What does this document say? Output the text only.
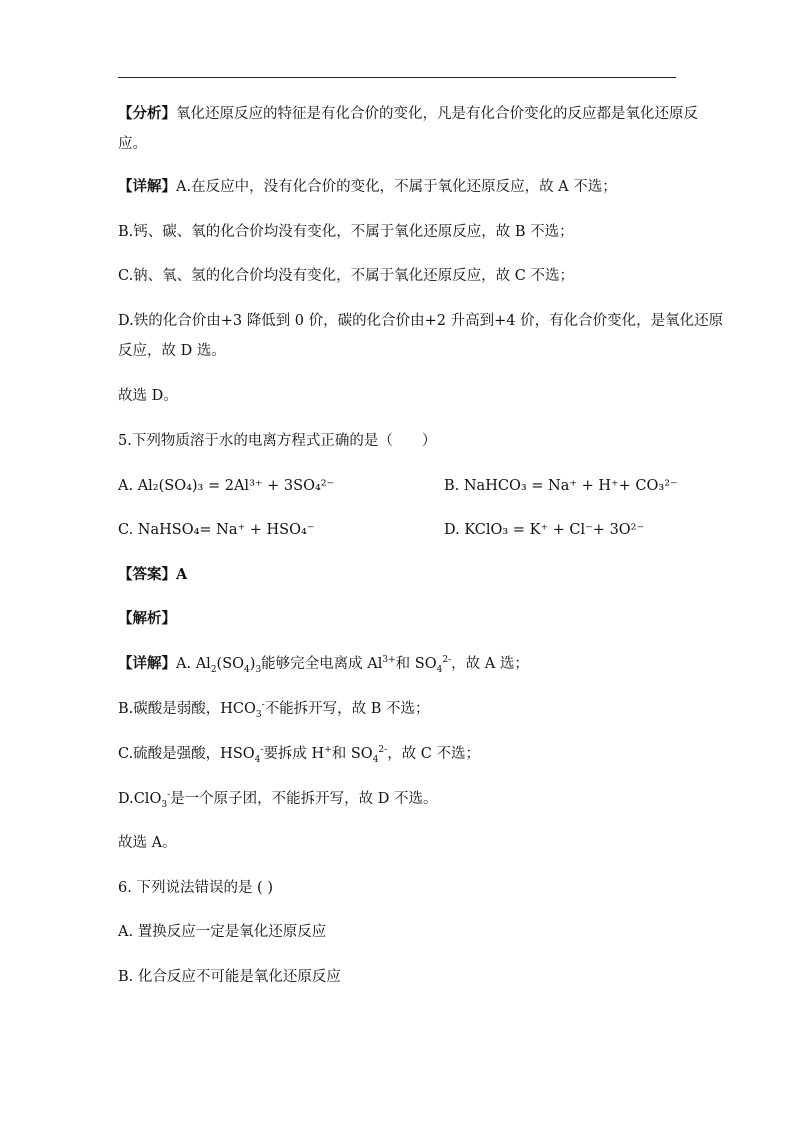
【分析】氧化还原反应的特征是有化合价的变化，凡是有化合价变化的反应都是氧化还原反
应。
【详解】A.在反应中，没有化合价的变化，不属于氧化还原反应，故 A 不选；
B.钙、碳、氧的化合价均没有变化，不属于氧化还原反应，故 B 不选；
C.钠、氧、氢的化合价均没有变化，不属于氧化还原反应，故 C 不选；
D.铁的化合价由+3 降低到 0 价，碳的化合价由+2 升高到+4 价，有化合价变化，是氧化还原
反应，故 D 选。
故选 D。
5.下列物质溶于水的电离方程式正确的是（　　）
A. Al₂(SO₄)₃ = 2Al³⁺ + 3SO₄²⁻	B. NaHCO₃ = Na⁺ + H⁺+ CO₃²⁻
C. NaHSO₄= Na⁺ + HSO₄⁻	D. KClO₃ = K⁺ + Cl⁻+ 3O²⁻
【答案】A
【解析】
【详解】A. $Al_2(SO_4)_3$能够完全电离成 $Al^{3+}$和 $SO_4^{2-}$，故 A 选；
B.碳酸是弱酸，$HCO_3^-$不能拆开写，故 B 不选；
C.硫酸是强酸，$HSO_4^-$要拆成 H+和 $SO_4^{2-}$，故 C 不选；
D.ClO$_3$-是一个原子团，不能拆开写，故 D 不选。
故选 A。
6. 下列说法错误的是 ( )
A. 置换反应一定是氧化还原反应
B. 化合反应不可能是氧化还原反应
